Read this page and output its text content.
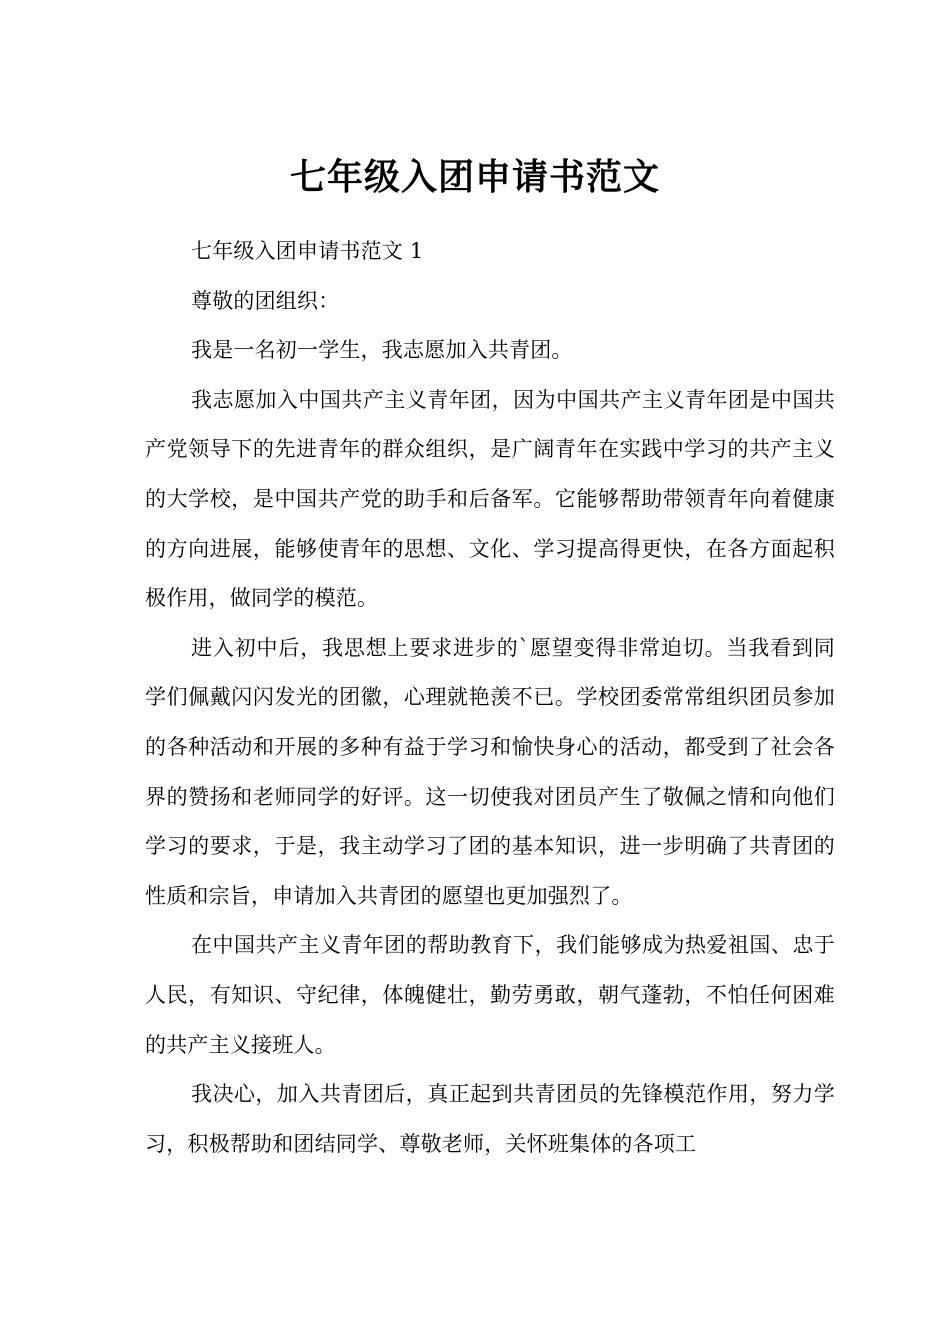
七年级入团申请书范文

七年级入团申请书范文 1

尊敬的团组织：

我是一名初一学生，我志愿加入共青团。

我志愿加入中国共产主义青年团，因为中国共产主义青年团是中国共产党领导下的先进青年的群众组织，是广阔青年在实践中学习的共产主义的大学校，是中国共产党的助手和后备军。它能够帮助带领青年向着健康的方向进展，能够使青年的思想、文化、学习提高得更快，在各方面起积极作用，做同学的模范。

进入初中后，我思想上要求进步的`愿望变得非常迫切。当我看到同学们佩戴闪闪发光的团徽，心理就艳羡不已。学校团委常常组织团员参加的各种活动和开展的多种有益于学习和愉快身心的活动，都受到了社会各界的赞扬和老师同学的好评。这一切使我对团员产生了敬佩之情和向他们学习的要求，于是，我主动学习了团的基本知识，进一步明确了共青团的性质和宗旨，申请加入共青团的愿望也更加强烈了。

在中国共产主义青年团的帮助教育下，我们能够成为热爱祖国、忠于人民，有知识、守纪律，体魄健壮，勤劳勇敢，朝气蓬勃，不怕任何困难的共产主义接班人。

我决心，加入共青团后，真正起到共青团员的先锋模范作用，努力学习，积极帮助和团结同学、尊敬老师，关怀班集体的各项工
